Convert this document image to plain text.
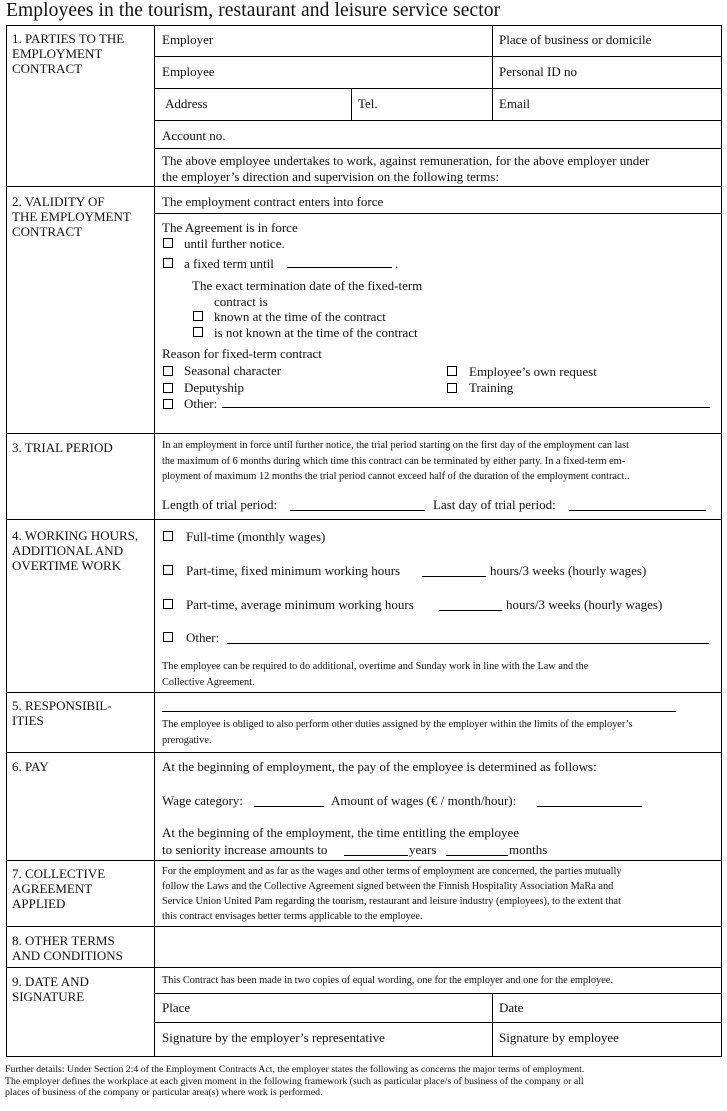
Employees in the tourism, restaurant and leisure service sector
1. PARTIES TO THE
EMPLOYMENT
CONTRACT
Employer	Place of business or domicile
Employee	Personal ID no
Address	Tel.	Email
Account no.
The above employee undertakes to work, against remuneration, for the above employer under
the employer’s direction and supervision on the following terms:
2. VALIDITY OF
THE EMPLOYMENT
CONTRACT
The employment contract enters into force
The Agreement is in force
until further notice.
a fixed term until	.
The exact termination date of the fixed-term
contract is
known at the time of the contract
is not known at the time of the contract
Reason for fixed-term contract
Seasonal character
Deputyship
Other:
Employee’s own request
Training
3. TRIAL PERIOD	In an employment in force until further notice, the trial period starting on the first day of the employment can last
the maximum of 6 months during which time this contract can be terminated by either party. In a fixed-term em-
ployment of maximum 12 months the trial period cannot exceed half of the duration of the employment contract..
Length of trial period:	Last day of trial period:
4. WORKING HOURS,
ADDITIONAL AND
OVERTIME WORK
Full-time (monthly wages)
Part-time, fixed minimum working hours	hours/3 weeks (hourly wages)
Part-time, average minimum working hours	hours/3 weeks (hourly wages)
Other:
The employee can be required to do additional, overtime and Sunday work in line with the Law and the
Collective Agreement.
5. RESPONSIBIL-
ITIES	The employee is obliged to also perform other duties assigned by the employer within the limits of the employer’s
prerogative.
6. PAY	At the beginning of employment, the pay of the employee is determined as follows:
Wage category:	Amount of wages (€ / month/hour):
At the beginning of the employment, the time entitling the employee
to seniority increase amounts to	years	months
7. COLLECTIVE
AGREEMENT
APPLIED
For the employment and as far as the wages and other terms of employment are concerned, the parties mutually
follow the Laws and the Collective Agreement signed between the Finnish Hospitality Association MaRa and
Service Union United Pam regarding the tourism, restaurant and leisure industry (employees), to the extent that
this contract envisages better terms applicable to the employee.
8. OTHER TERMS
AND CONDITIONS
9. DATE AND
SIGNATURE
This Contract has been made in two copies of equal wording, one for the employer and one for the employee.
Place	Date
Signature by the employer’s representative	Signature by employee
Further details: Under Section 2:4 of the Employment Contracts Act, the employer states the following as concerns the major terms of employment.
The employer defines the workplace at each given moment in the following framework (such as particular place/s of business of the company or all
places of business of the company or particular area(s) where work is performed.
